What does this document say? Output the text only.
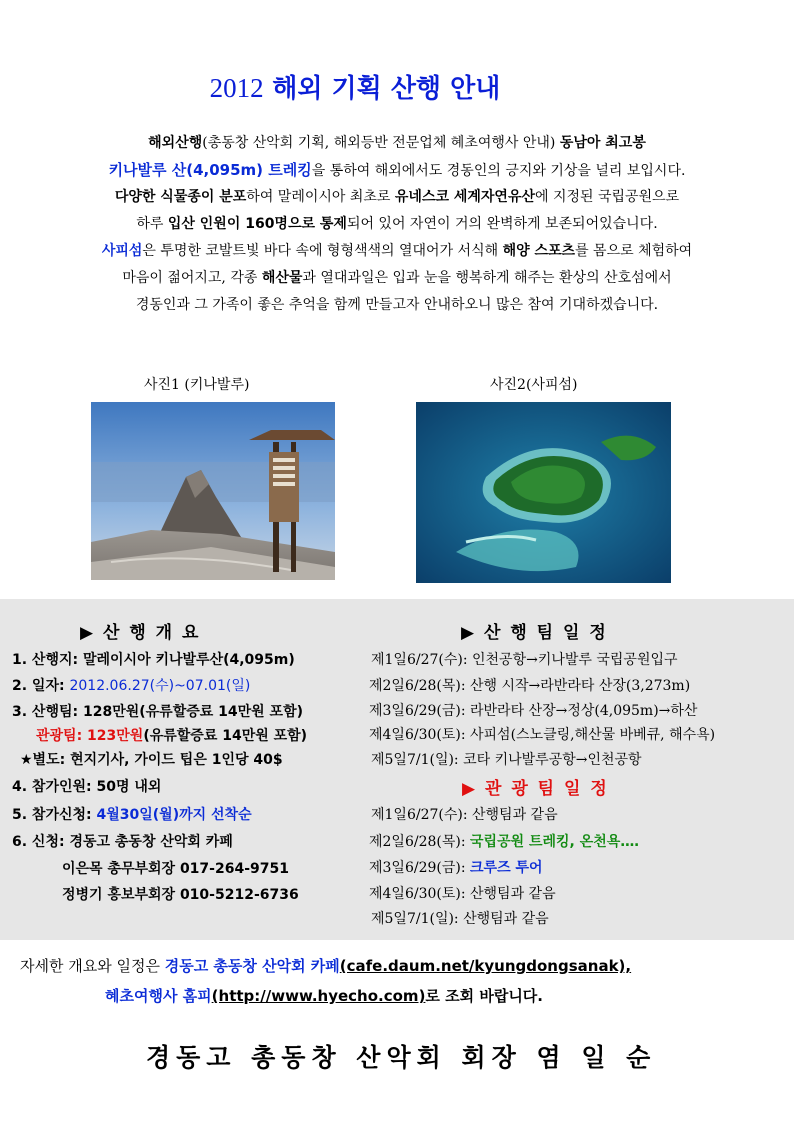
2012 해외 기획 산행 안내
해외산행(총동창 산악회 기획, 해외등반 전문업체 혜초여행사 안내) 동남아 최고봉
키나발루 산(4,095m) 트레킹을 통하여 해외에서도 경동인의 긍지와 기상을 널리 보입시다.
다양한 식물종이 분포하여 말레이시아 최초로 유네스코 세계자연유산에 지정된 국립공원으로
하루 입산 인원이 160명으로 통제되어 있어 자연이 거의 완벽하게 보존되어있습니다.
사피섬은 투명한 코발트빛 바다 속에 형형색색의 열대어가 서식해 해양 스포츠를 몸으로 체험하여
마음이 젊어지고, 각종 해산물과 열대과일은 입과 눈을 행복하게 해주는 환상의 산호섬에서
경동인과 그 가족이 좋은 추억을 함께 만들고자 안내하오니 많은 참여 기대하겠습니다.
사진1 (키나발루)	사진2(사피섬)
▶ 산 행 개 요	▶ 산 행 팀 일 정
1. 산행지: 말레이시아 키나발루산(4,095m)
2. 일자: 2012.06.27(수)~07.01(일)
3. 산행팀: 128만원(유류할증료 14만원 포함)
관광팀: 123만원(유류할증료 14만원 포함)
★별도: 현지기사, 가이드 팁은 1인당 40$
4. 참가인원: 50명 내외
5. 참가신청: 4월30일(월)까지 선착순
6. 신청: 경동고 총동창 산악회 카페
이은목 총무부회장 017-264-9751
정병기 홍보부회장 010-5212-6736
제1일6/27(수): 인천공항→키나발루 국립공원입구
제2일6/28(목): 산행 시작→라반라타 산장(3,273m)
제3일6/29(금): 라반라타 산장→정상(4,095m)→하산
제4일6/30(토): 사피섬(스노클링,해산물 바베큐, 해수욕)
제5일7/1(일): 코타 키나발루공항→인천공항
▶ 관 광 팀 일 정
제1일6/27(수): 산행팀과 같음
제2일6/28(목): 국립공원 트레킹, 온천욕‥‥
제3일6/29(금): 크루즈 투어
제4일6/30(토): 산행팀과 같음
제5일7/1(일): 산행팀과 같음
자세한 개요와 일정은 경동고 총동창 산악회 카페(cafe.daum.net/kyungdongsanak),
혜초여행사 홈피(http://www.hyecho.com)로 조회 바랍니다.
경동고 총동창 산악회 회장 염 일 순
